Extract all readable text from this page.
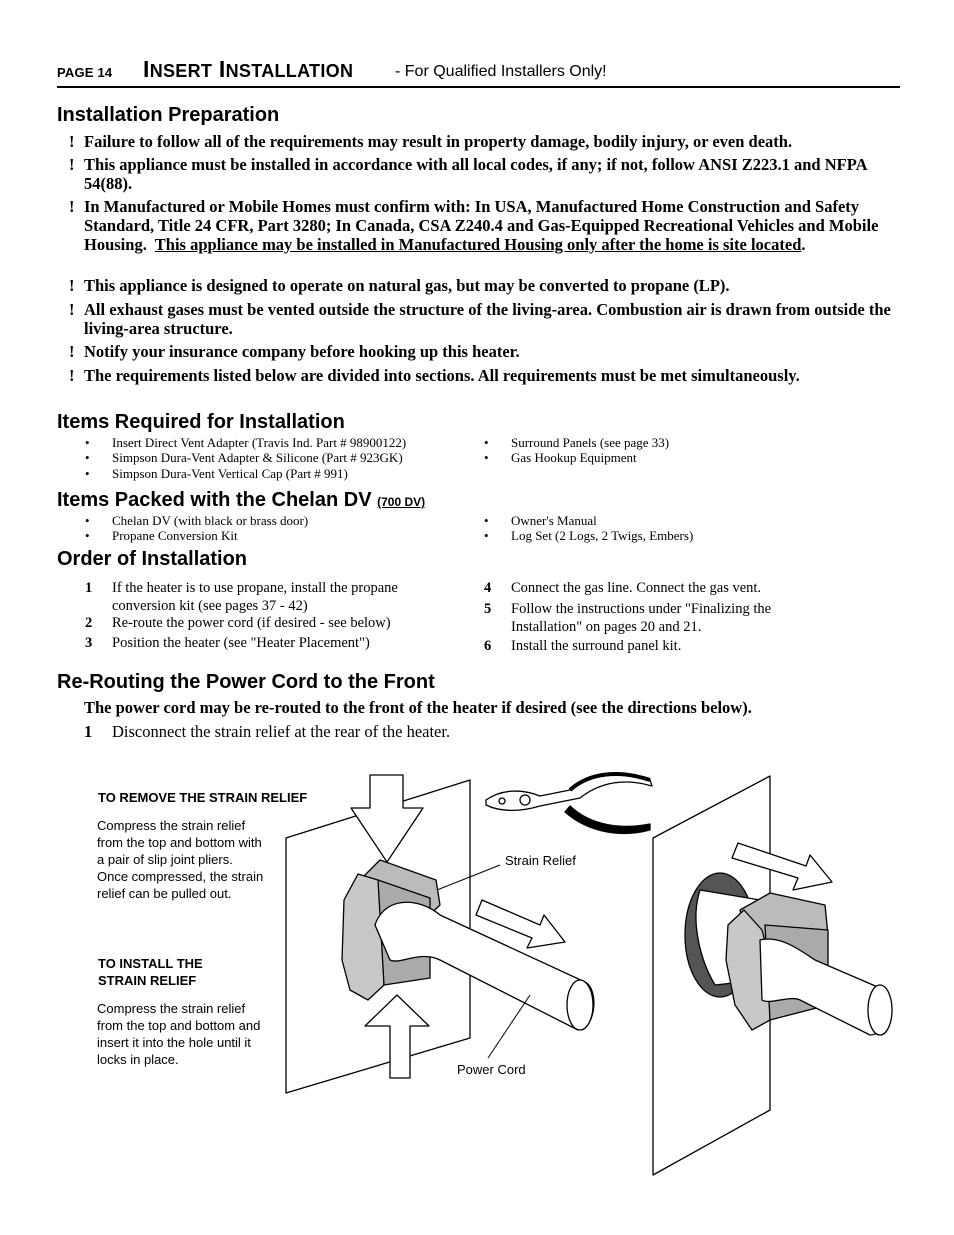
PAGE 14 INSERT INSTALLATION	- For Qualified Installers Only!
Installation Preparation
! Failure to follow all of the requirements may result in property damage, bodily injury, or even death.
! This appliance must be installed in accordance with all local codes, if any; if not, follow ANSI Z223.1 and NFPA 54(88).
! In Manufactured or Mobile Homes must confirm with: In USA, Manufactured Home Construction and Safety Standard, Title 24 CFR, Part 3280; In Canada, CSA Z240.4 and Gas-Equipped Recreational Vehicles and Mobile Housing. This appliance may be installed in Manufactured Housing only after the home is site located.
! This appliance is designed to operate on natural gas, but may be converted to propane (LP).
! All exhaust gases must be vented outside the structure of the living-area. Combustion air is drawn from outside the living-area structure.
! Notify your insurance company before hooking up this heater.
! The requirements listed below are divided into sections. All requirements must be met simultaneously.
Items Required for Installation
• Insert Direct Vent Adapter (Travis Ind. Part # 98900122)
• Simpson Dura-Vent Adapter & Silicone (Part # 923GK)
• Simpson Dura-Vent Vertical Cap (Part # 991)
• Surround Panels (see page 33)
• Gas Hookup Equipment
Items Packed with the Chelan DV (700 DV)
• Chelan DV (with black or brass door)
• Propane Conversion Kit
• Owner's Manual
• Log Set (2 Logs, 2 Twigs, Embers)
Order of Installation
1 If the heater is to use propane, install the propane conversion kit (see pages 37 - 42)
2 Re-route the power cord (if desired - see below)
3 Position the heater (see "Heater Placement")
4 Connect the gas line. Connect the gas vent.
5 Follow the instructions under "Finalizing the Installation" on pages 20 and 21.
6 Install the surround panel kit.
Re-Routing the Power Cord to the Front
The power cord may be re-routed to the front of the heater if desired (see the directions below).
1 Disconnect the strain relief at the rear of the heater.
TO REMOVE THE STRAIN RELIEF
Compress the strain relief from the top and bottom with a pair of slip joint pliers. Once compressed, the strain relief can be pulled out.
TO INSTALL THE STRAIN RELIEF
Compress the strain relief from the top and bottom and insert it into the hole until it locks in place.
Strain Relief
Power Cord
